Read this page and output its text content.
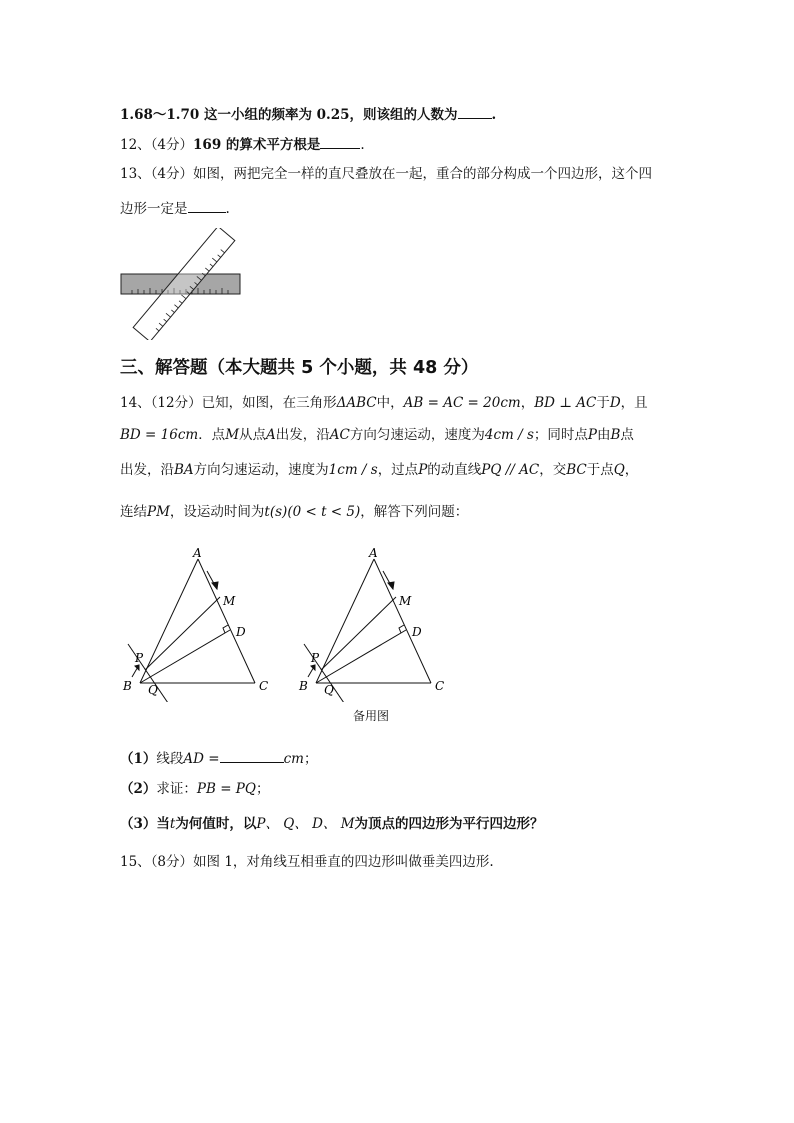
1.68～1.70 这一小组的频率为 0.25，则该组的人数为	.
12、（4分）169 的算术平方根是	.
13、（4分）如图，两把完全一样的直尺叠放在一起，重合的部分构成一个四边形，这个四
边形一定是	.
三、解答题（本大题共 5 个小题，共 48 分）
14、（12分）已知，如图，在三角形ΔABC中，AB = AC = 20cm，BD ⊥ AC于D，且
BD = 16cm．点M从点A出发，沿AC方向匀速运动，速度为4cm / s；同时点P由B点
出发，沿BA方向匀速运动，速度为1cm / s，过点P的动直线PQ // AC，交BC于点Q，
连结PM，设运动时间为t(s)(0 < t < 5)，解答下列问题：
A
M
D
P
B Q	C
A
M
D
P
B Q	C
备用图
（1）线段AD =	cm；
（2）求证：PB = PQ；
（3）当t为何值时，以P、 Q、 D、 M为顶点的四边形为平行四边形？
15、（8分）如图 1，对角线互相垂直的四边形叫做垂美四边形.
